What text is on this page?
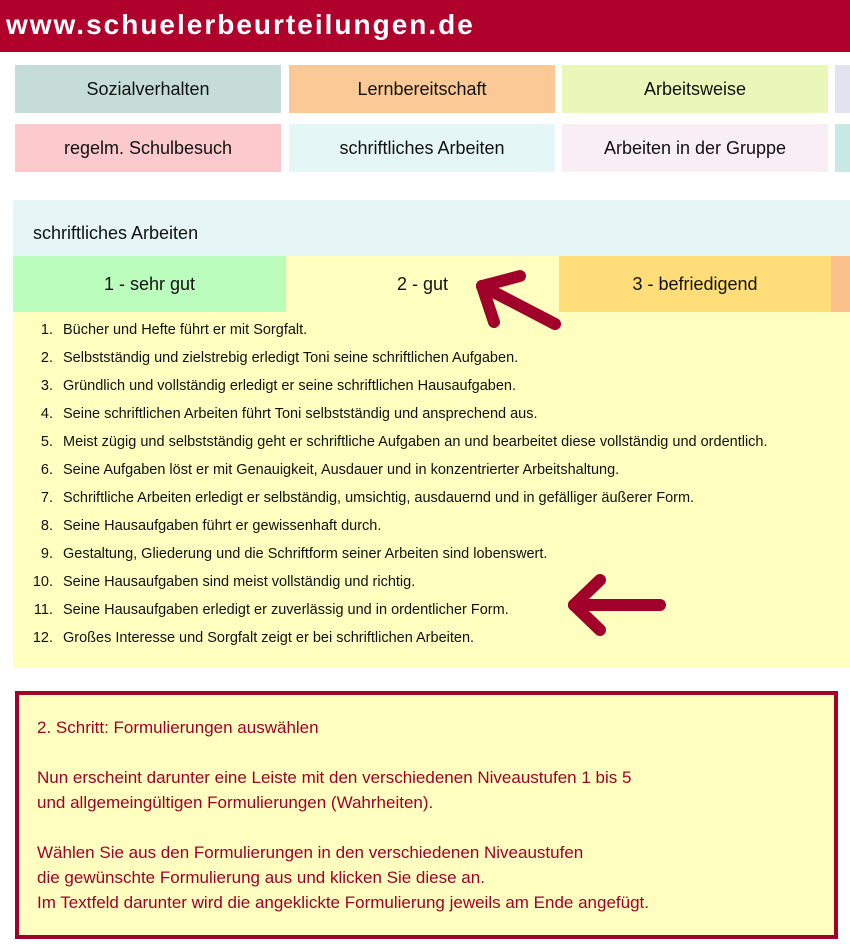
www.schuelerbeurteilungen.de
Sozialverhalten	Lernbereitschaft	Arbeitsweise
regelm. Schulbesuch	schriftliches Arbeiten	Arbeiten in der Gruppe
schriftliches Arbeiten
1 - sehr gut	2 - gut	3 - befriedigend
1. Bücher und Hefte führt er mit Sorgfalt.
2. Selbstständig und zielstrebig erledigt Toni seine schriftlichen Aufgaben.
3. Gründlich und vollständig erledigt er seine schriftlichen Hausaufgaben.
4. Seine schriftlichen Arbeiten führt Toni selbstständig und ansprechend aus.
5. Meist zügig und selbstständig geht er schriftliche Aufgaben an und bearbeitet diese vollständig und ordentlich.
6. Seine Aufgaben löst er mit Genauigkeit, Ausdauer und in konzentrierter Arbeitshaltung.
7. Schriftliche Arbeiten erledigt er selbständig, umsichtig, ausdauernd und in gefälliger äußerer Form.
8. Seine Hausaufgaben führt er gewissenhaft durch.
9. Gestaltung, Gliederung und die Schriftform seiner Arbeiten sind lobenswert.
10. Seine Hausaufgaben sind meist vollständig und richtig.
11. Seine Hausaufgaben erledigt er zuverlässig und in ordentlicher Form.
12. Großes Interesse und Sorgfalt zeigt er bei schriftlichen Arbeiten.

2. Schritt: Formulierungen auswählen

Nun erscheint darunter eine Leiste mit den verschiedenen Niveaustufen 1 bis 5

und allgemeingültigen Formulierungen (Wahrheiten).

Wählen Sie aus den Formulierungen in den verschiedenen Niveaustufen

die gewünschte Formulierung aus und klicken Sie diese an.

Im Textfeld darunter wird die angeklickte Formulierung jeweils am Ende angefügt.
